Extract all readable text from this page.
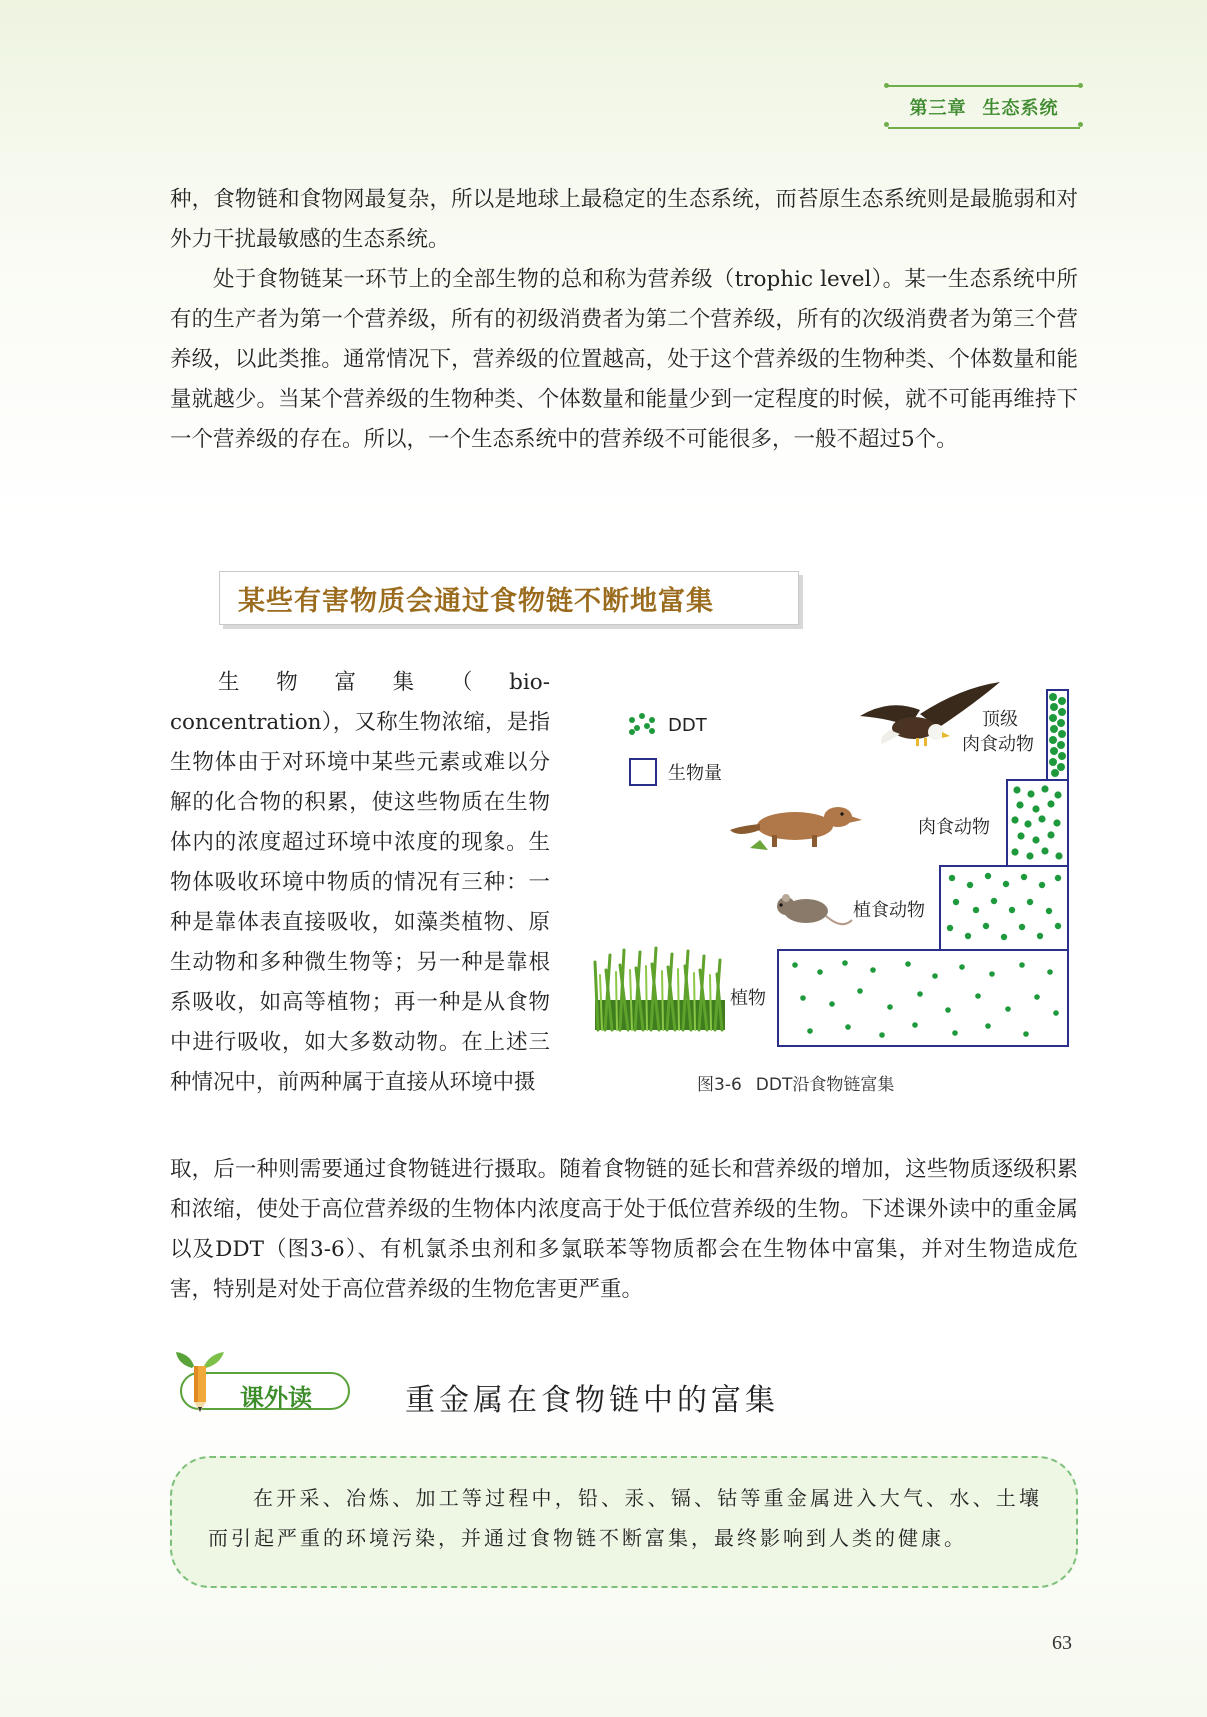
第三章 生态系统

种，食物链和食物网最复杂，所以是地球上最稳定的生态系统，而苔原生态系统则是最脆弱和对外力干扰最敏感的生态系统。

处于食物链某一环节上的全部生物的总和称为营养级（trophic level）。某一生态系统中所有的生产者为第一个营养级，所有的初级消费者为第二个营养级，所有的次级消费者为第三个营养级，以此类推。通常情况下，营养级的位置越高，处于这个营养级的生物种类、个体数量和能量就越少。当某个营养级的生物种类、个体数量和能量少到一定程度的时候，就不可能再维持下一个营养级的存在。所以，一个生态系统中的营养级不可能很多，一般不超过5个。

某些有害物质会通过食物链不断地富集

生物富集（bio-concentration），又称生物浓缩，是指生物体由于对环境中某些元素或难以分解的化合物的积累，使这些物质在生物体内的浓度超过环境中浓度的现象。生物体吸收环境中物质的情况有三种：一种是靠体表直接吸收，如藻类植物、原生动物和多种微生物等；另一种是靠根系吸收，如高等植物；再一种是从食物中进行吸收，如大多数动物。在上述三种情况中，前两种属于直接从环境中摄

DDT
生物量
植物
植食动物
肉食动物
顶级
肉食动物
图3-6 DDT沿食物链富集

取，后一种则需要通过食物链进行摄取。随着食物链的延长和营养级的增加，这些物质逐级积累和浓缩，使处于高位营养级的生物体内浓度高于处于低位营养级的生物。下述课外读中的重金属以及DDT（图3-6）、有机氯杀虫剂和多氯联苯等物质都会在生物体中富集，并对生物造成危害，特别是对处于高位营养级的生物危害更严重。

课外读	重金属在食物链中的富集

在开采、冶炼、加工等过程中，铅、汞、镉、钴等重金属进入大气、水、土壤而引起严重的环境污染，并通过食物链不断富集，最终影响到人类的健康。

63
